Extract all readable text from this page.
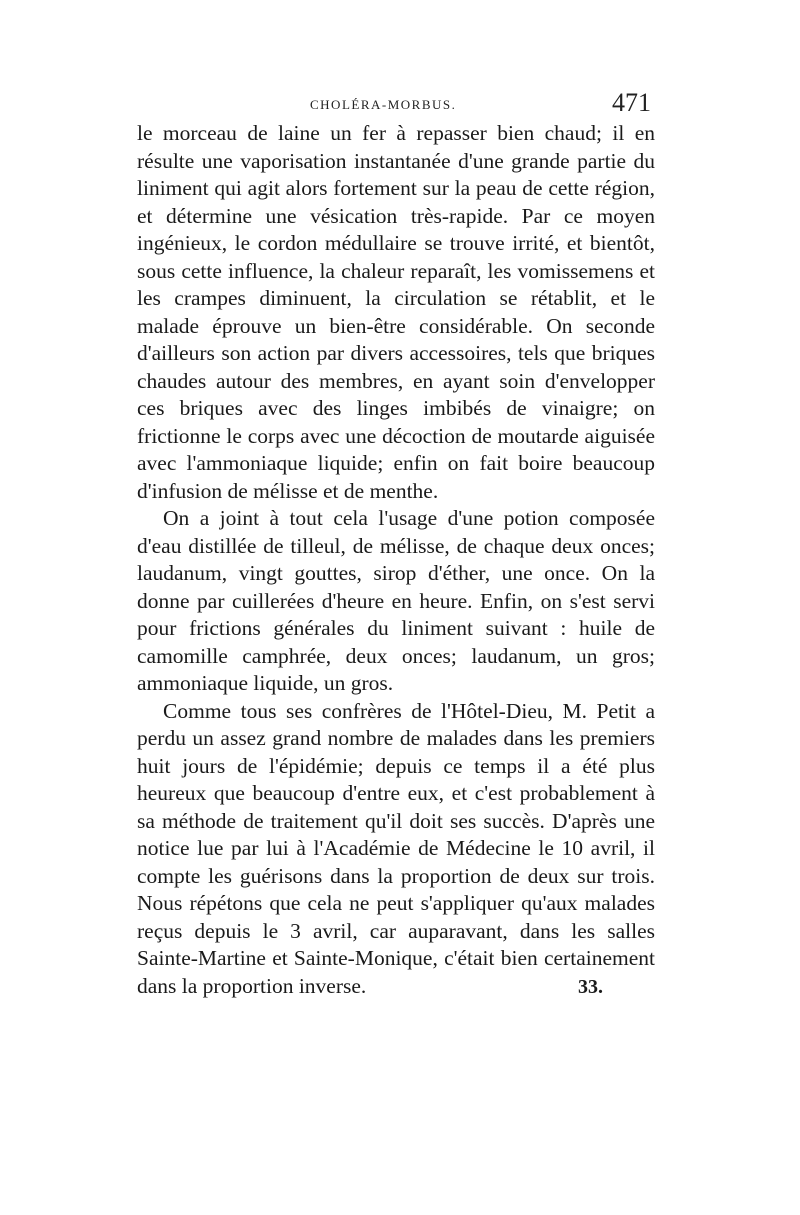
CHOLÉRA-MORBUS.	471

le morceau de laine un fer à repasser bien chaud; il en résulte une vaporisation instantanée d'une grande partie du liniment qui agit alors fortement sur la peau de cette région, et détermine une vésication très-rapide. Par ce moyen ingénieux, le cordon médullaire se trouve irrité, et bientôt, sous cette influence, la chaleur reparaît, les vomissemens et les crampes diminuent, la circulation se rétablit, et le malade éprouve un bien-être considérable. On seconde d'ailleurs son action par divers accessoires, tels que briques chaudes autour des membres, en ayant soin d'envelopper ces briques avec des linges imbibés de vinaigre; on frictionne le corps avec une décoction de moutarde aiguisée avec l'ammoniaque liquide; enfin on fait boire beaucoup d'infusion de mélisse et de menthe.

On a joint à tout cela l'usage d'une potion composée d'eau distillée de tilleul, de mélisse, de chaque deux onces; laudanum, vingt gouttes, sirop d'éther, une once. On la donne par cuillerées d'heure en heure. Enfin, on s'est servi pour frictions générales du liniment suivant : huile de camomille camphrée, deux onces; laudanum, un gros; ammoniaque liquide, un gros.

Comme tous ses confrères de l'Hôtel-Dieu, M. Petit a perdu un assez grand nombre de malades dans les premiers huit jours de l'épidémie; depuis ce temps il a été plus heureux que beaucoup d'entre eux, et c'est probablement à sa méthode de traitement qu'il doit ses succès. D'après une notice lue par lui à l'Académie de Médecine le 10 avril, il compte les guérisons dans la proportion de deux sur trois. Nous répétons que cela ne peut s'appliquer qu'aux malades reçus depuis le 3 avril, car auparavant, dans les salles Sainte-Martine et Sainte-Monique, c'était bien certainement dans la proportion inverse.	33.
